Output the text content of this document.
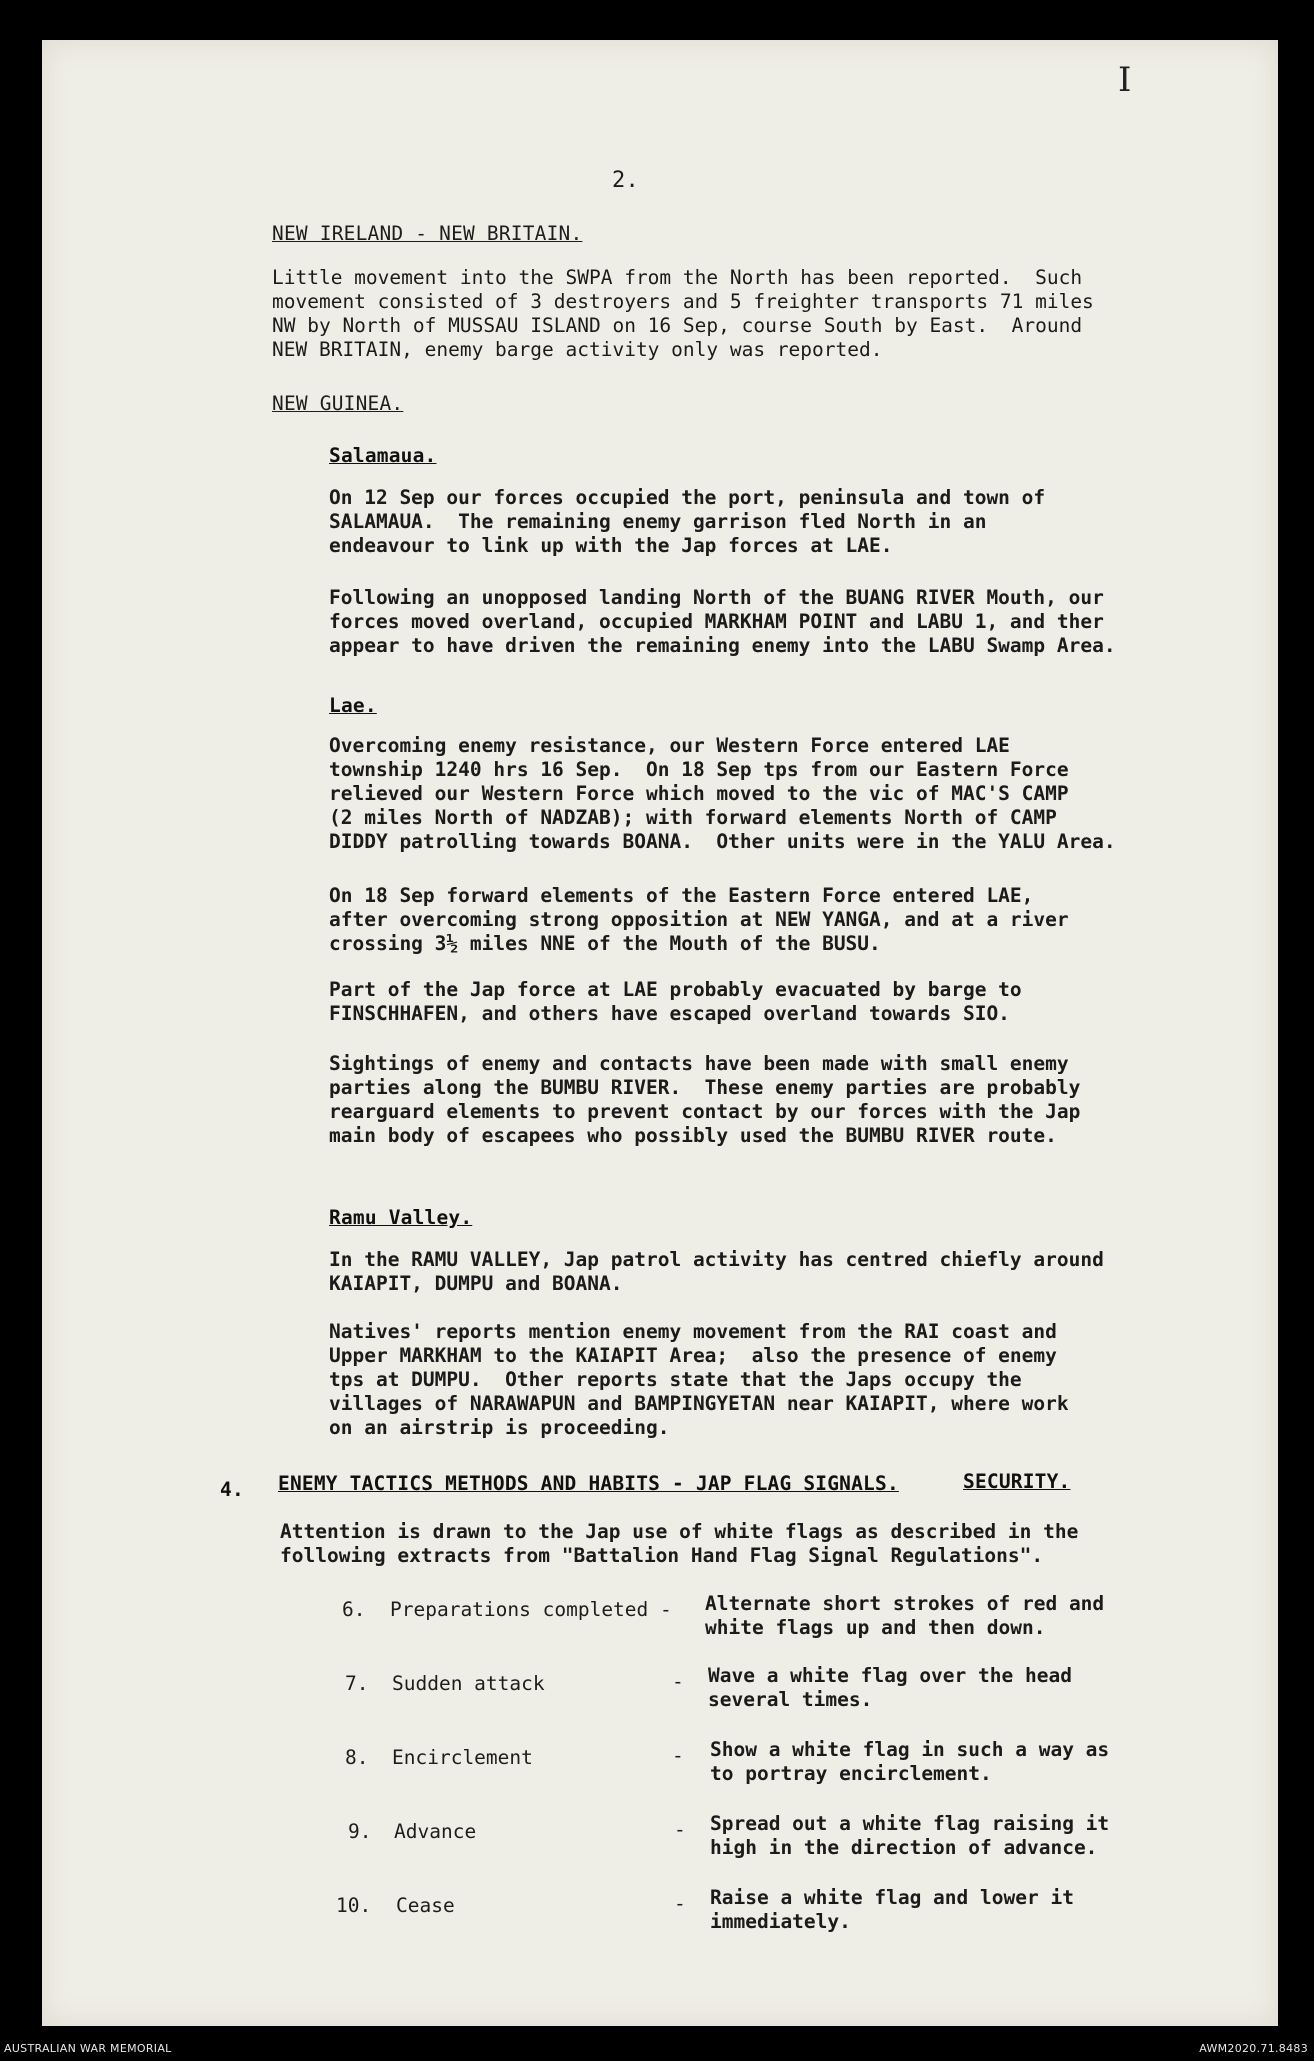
I
2.
NEW IRELAND - NEW BRITAIN.
Little movement into the SWPA from the North has been reported.  Such
movement consisted of 3 destroyers and 5 freighter transports 71 miles
NW by North of MUSSAU ISLAND on 16 Sep, course South by East.  Around
NEW BRITAIN, enemy barge activity only was reported.
NEW GUINEA.
Salamaua.
On 12 Sep our forces occupied the port, peninsula and town of
SALAMAUA.  The remaining enemy garrison fled North in an
endeavour to link up with the Jap forces at LAE.
Following an unopposed landing North of the BUANG RIVER Mouth, our
forces moved overland, occupied MARKHAM POINT and LABU 1, and ther
appear to have driven the remaining enemy into the LABU Swamp Area.
Lae.
Overcoming enemy resistance, our Western Force entered LAE
township 1240 hrs 16 Sep.  On 18 Sep tps from our Eastern Force
relieved our Western Force which moved to the vic of MAC'S CAMP
(2 miles North of NADZAB); with forward elements North of CAMP
DIDDY patrolling towards BOANA.  Other units were in the YALU Area.
On 18 Sep forward elements of the Eastern Force entered LAE,
after overcoming strong opposition at NEW YANGA, and at a river
crossing 3½ miles NNE of the Mouth of the BUSU.
Part of the Jap force at LAE probably evacuated by barge to
FINSCHHAFEN, and others have escaped overland towards SIO.
Sightings of enemy and contacts have been made with small enemy
parties along the BUMBU RIVER.  These enemy parties are probably
rearguard elements to prevent contact by our forces with the Jap
main body of escapees who possibly used the BUMBU RIVER route.
Ramu Valley.
In the RAMU VALLEY, Jap patrol activity has centred chiefly around
KAIAPIT, DUMPU and BOANA.
Natives' reports mention enemy movement from the RAI coast and
Upper MARKHAM to the KAIAPIT Area;  also the presence of enemy
tps at DUMPU.  Other reports state that the Japs occupy the
villages of NARAWAPUN and BAMPINGYETAN near KAIAPIT, where work
on an airstrip is proceeding.
4. ENEMY TACTICS METHODS AND HABITS - JAP FLAG SIGNALS.	SECURITY.
Attention is drawn to the Jap use of white flags as described in the
following extracts from "Battalion Hand Flag Signal Regulations".
6. Preparations completed - Alternate short strokes of red and
white flags up and then down.
7. Sudden attack	- Wave a white flag over the head
several times.
8. Encirclement	- Show a white flag in such a way as
to portray encirclement.
9. Advance	- Spread out a white flag raising it
high in the direction of advance.
10. Cease	- Raise a white flag and lower it
immediately.
AUSTRALIAN WAR MEMORIAL	AWM2020.71.8483
